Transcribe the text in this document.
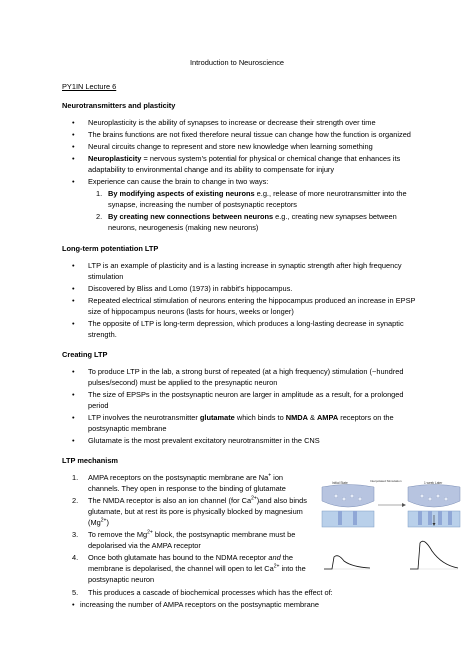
Introduction to Neuroscience
PY1IN Lecture 6
Neurotransmitters and plasticity
• Neuroplasticity is the ability of synapses to increase or decrease their strength over time
• The brains functions are not fixed therefore neural tissue can change how the function is organized
• Neural circuits change to represent and store new knowledge when learning something
• Neuroplasticity = nervous system's potential for physical or chemical change that enhances its adaptability to environmental change and its ability to compensate for injury
• Experience can cause the brain to change in two ways:
1. By modifying aspects of existing neurons e.g., release of more neurotransmitter into the synapse, increasing the number of postsynaptic receptors
2. By creating new connections between neurons e.g., creating new synapses between neurons, neurogenesis (making new neurons)
Long-term potentiation LTP
• LTP is an example of plasticity and is a lasting increase in synaptic strength after high frequency stimulation
• Discovered by Bliss and Lomo (1973) in rabbit's hippocampus.
• Repeated electrical stimulation of neurons entering the hippocampus produced an increase in EPSP size of hippocampus neurons (lasts for hours, weeks or longer)
• The opposite of LTP is long-term depression, which produces a long-lasting decrease in synaptic strength.
Creating LTP
• To produce LTP in the lab, a strong burst of repeated (at a high frequency) stimulation (~hundred pulses/second) must be applied to the presynaptic neuron
• The size of EPSPs in the postsynaptic neuron are larger in amplitude as a result, for a prolonged period
• LTP involves the neurotransmitter glutamate which binds to NMDA & AMPA receptors on the postsynaptic membrane
• Glutamate is the most prevalent excitatory neurotransmitter in the CNS
LTP mechanism
1. AMPA receptors on the postsynaptic membrane are Na+ ion channels. They open in response to the binding of glutamate
2. The NMDA receptor is also an ion channel (for $Ca^{2+})and$ also binds glutamate, but at rest its pore is physically blocked by magnesium $(Mg^{2+})$
3. To remove the $Mg^{2+}$ block, the postsynaptic membrane must be depolarised via the AMPA receptor
4. Once both glutamate has bound to the NDMA receptor and the membrane is depolarised, the channel will open to let $Ca^{2+}$ into the postsynaptic neuron
5. This produces a cascade of biochemical processes which has the effect of:
• increasing the number of AMPA receptors on the postsynaptic membrane
Initial State	Interpolated Stimulation	1 week Later
